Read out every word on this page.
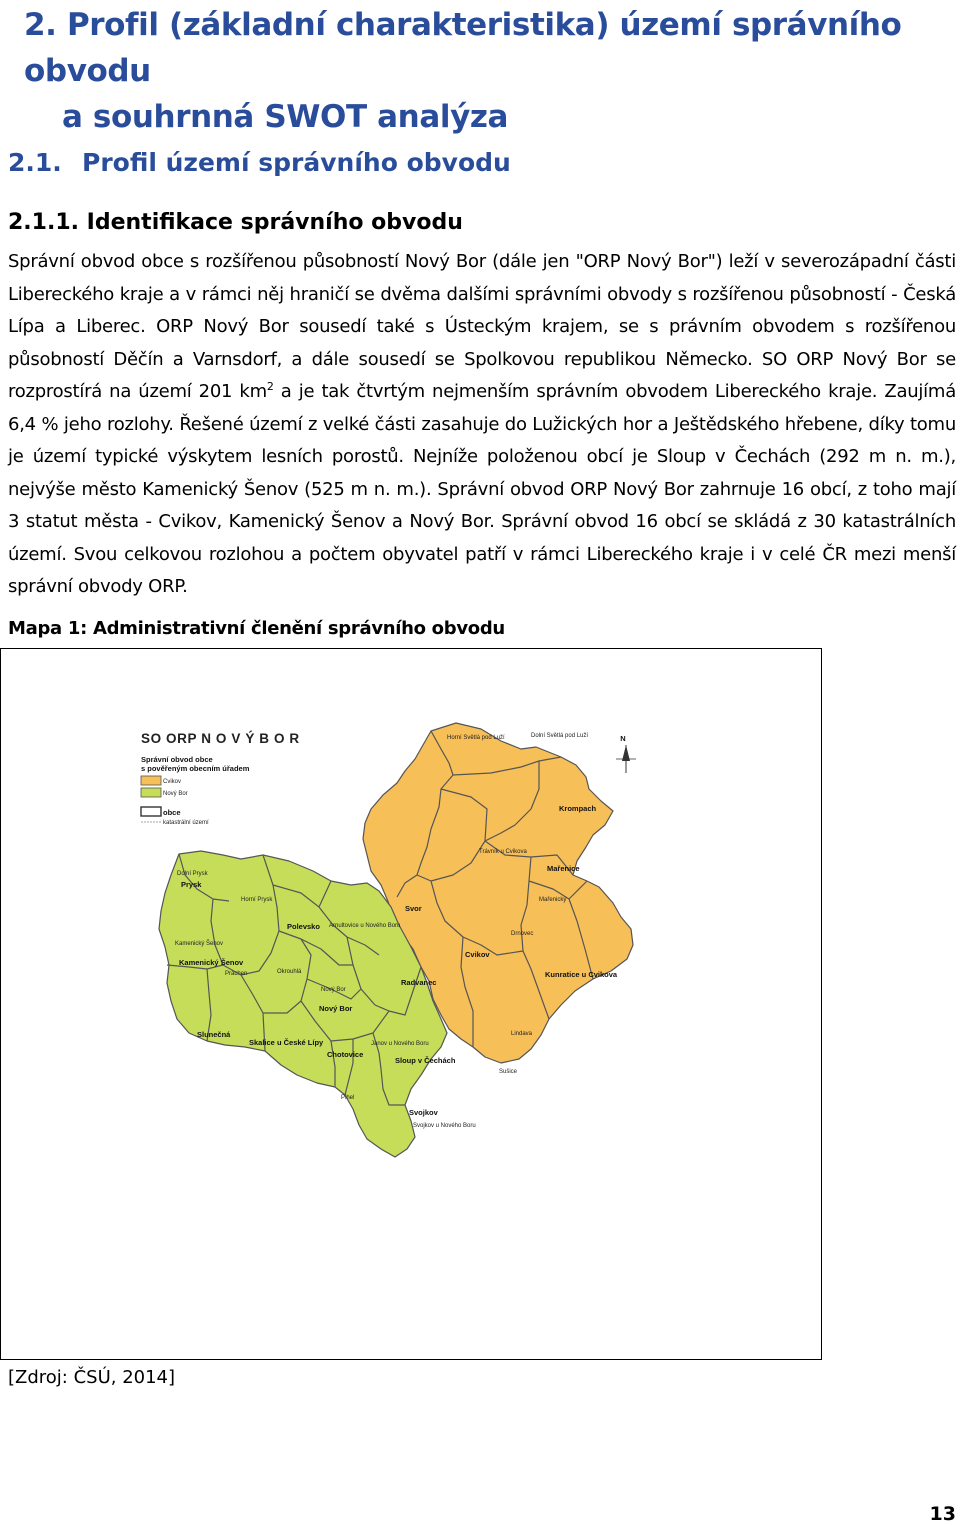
2. Profil (základní charakteristika) území správního obvodu
a souhrnná SWOT analýza
2.1. Profil území správního obvodu
2.1.1. Identifikace správního obvodu
Správní obvod obce s rozšířenou působností Nový Bor (dále jen "ORP Nový Bor") leží v severozápadní části Libereckého kraje a v rámci něj hraničí se dvěma dalšími správními obvody s rozšířenou působností - Česká Lípa a Liberec. ORP Nový Bor sousedí také s Ústeckým krajem, se s právním obvodem s rozšířenou působností Děčín a Varnsdorf, a dále sousedí se Spolkovou republikou Německo. SO ORP Nový Bor se rozprostírá na území 201 $km^2$ a je tak čtvrtým nejmenším správním obvodem Libereckého kraje. Zaujímá 6,4 % jeho rozlohy. Řešené území z velké části zasahuje do Lužických hor a Ještědského hřebene, díky tomu je území typické výskytem lesních porostů. Nejníže položenou obcí je Sloup v Čechách (292 m n. m.), nejvýše město Kamenický Šenov (525 m n. m.). Správní obvod ORP Nový Bor zahrnuje 16 obcí, z toho mají 3 statut města - Cvikov, Kamenický Šenov a Nový Bor. Správní obvod 16 obcí se skládá z 30 katastrálních území. Svou celkovou rozlohou a počtem obyvatel patří v rámci Libereckého kraje i v celé ČR mezi menší správní obvody ORP.
Mapa 1: Administrativní členění správního obvodu
SO ORP N O V Ý B O R
Správní obvod obce
s pověřeným obecním úřadem
Cvikov
Nový Bor
obce
katastrální území
N
Horní Světlá pod Luží	Dolní Světlá pod Luží
Krompach
Mařenice
Trávník u Cvikova
Mařenický
Svor
Cvikov
Drnovec
Kunratice u Cvikova
Dolní Prysk
Prysk
Horní Prysk
Polevsko Arnultovice u Nového Boru
Kamenický Šenov
Kamenický Šenov
Práchen	Okrouhlá
Nový Bor
Radvanec
Nový Bor
Lindava
Slunečná
Skalice u České Lípy
Chotovice
Janov u Nového Boru
Sloup v Čechách
Pihel
Svojkov
Svojkov u Nového Boru
Sušice
[Zdroj: ČSÚ, 2014]
13
